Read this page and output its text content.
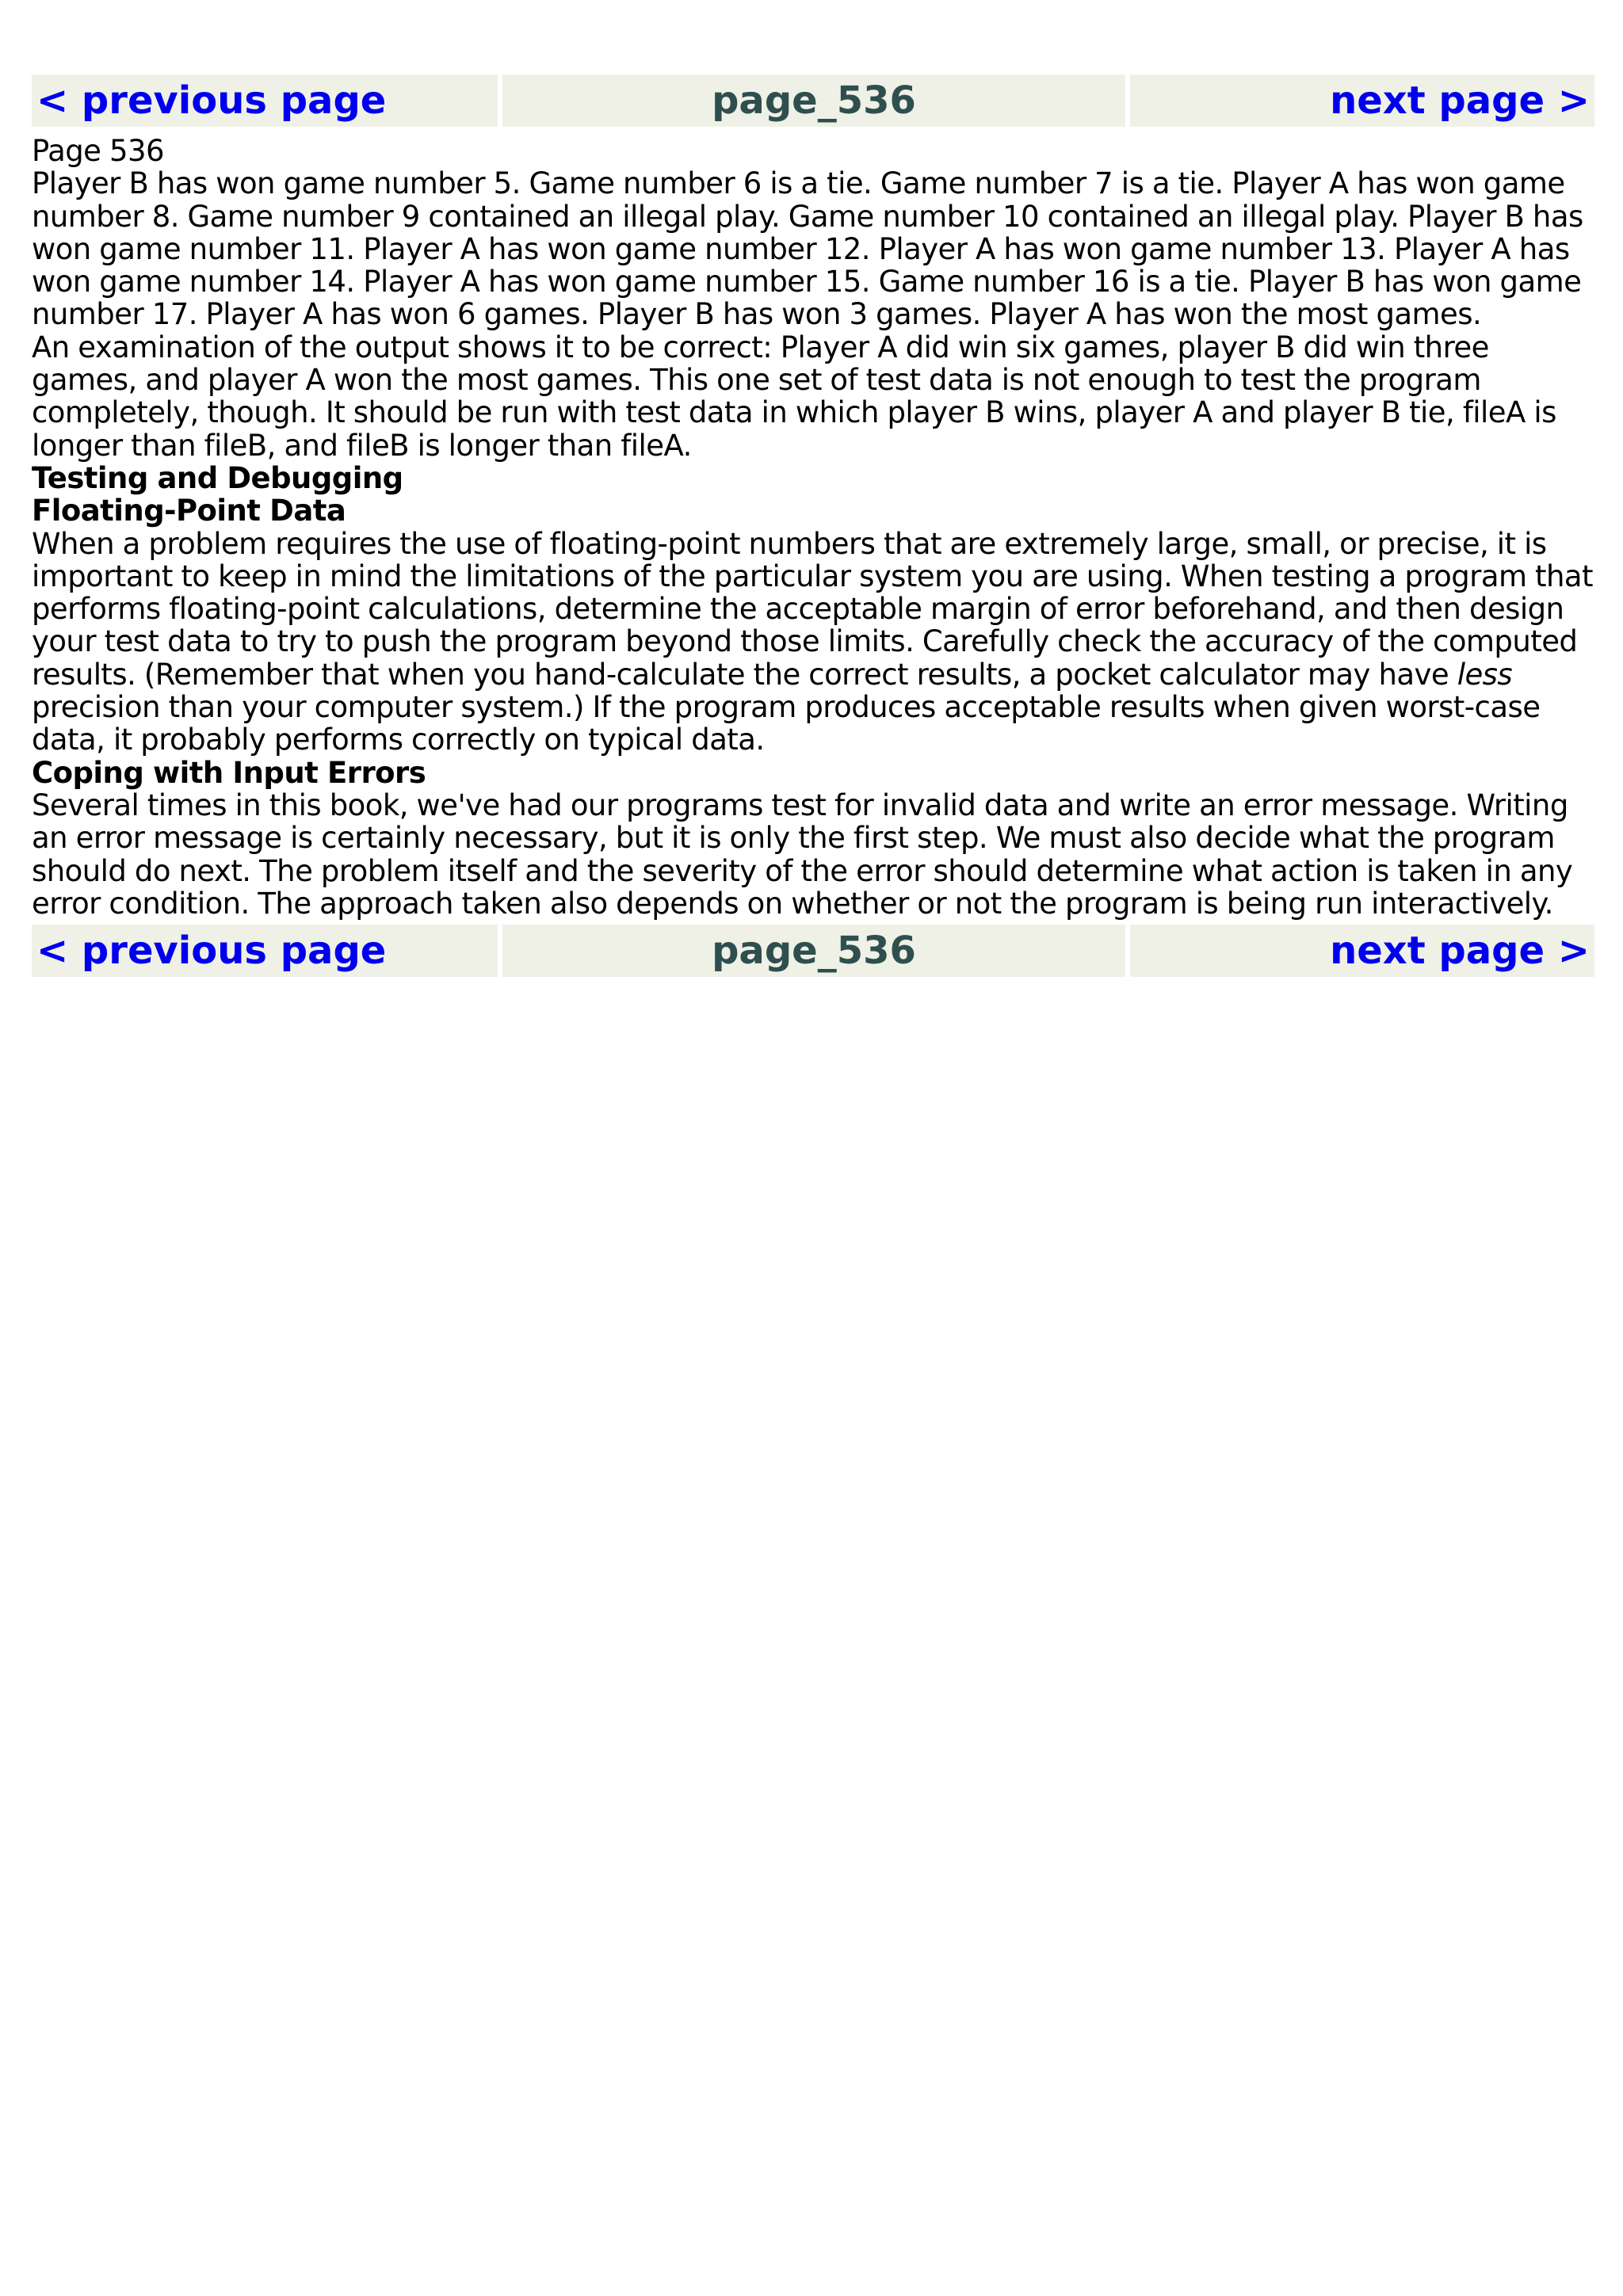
< previous page	page_536	next page >

Page 536

Player B has won game number 5. Game number 6 is a tie. Game number 7 is a tie. Player A has won game number 8. Game number 9 contained an illegal play. Game number 10 contained an illegal play. Player B has won game number 11. Player A has won game number 12. Player A has won game number 13. Player A has won game number 14. Player A has won game number 15. Game number 16 is a tie. Player B has won game number 17. Player A has won 6 games. Player B has won 3 games. Player A has won the most games.

An examination of the output shows it to be correct: Player A did win six games, player B did win three games, and player A won the most games. This one set of test data is not enough to test the program completely, though. It should be run with test data in which player B wins, player A and player B tie, fileA is longer than fileB, and fileB is longer than fileA.

Testing and Debugging
Floating-Point Data

When a problem requires the use of floating-point numbers that are extremely large, small, or precise, it is important to keep in mind the limitations of the particular system you are using. When testing a program that performs floating-point calculations, determine the acceptable margin of error beforehand, and then design your test data to try to push the program beyond those limits. Carefully check the accuracy of the computed results. (Remember that when you hand-calculate the correct results, a pocket calculator may have less precision than your computer system.) If the program produces acceptable results when given worst-case data, it probably performs correctly on typical data.

Coping with Input Errors

Several times in this book, we've had our programs test for invalid data and write an error message. Writing an error message is certainly necessary, but it is only the first step. We must also decide what the program should do next. The problem itself and the severity of the error should determine what action is taken in any error condition. The approach taken also depends on whether or not the program is being run interactively.

< previous page	page_536	next page >
